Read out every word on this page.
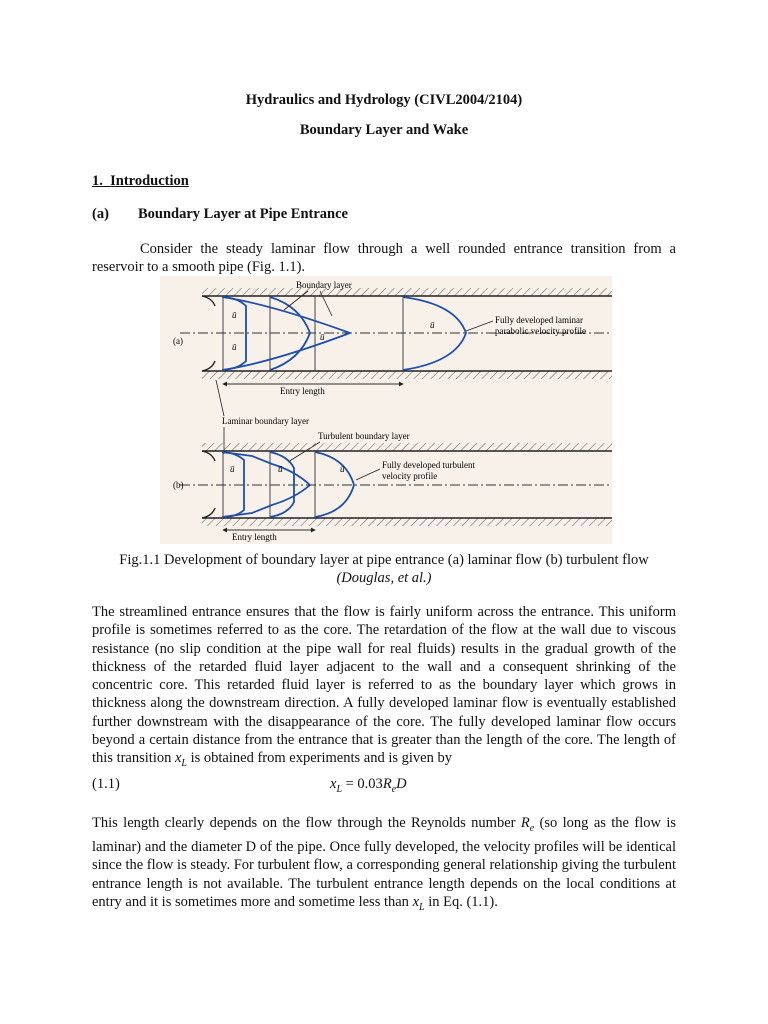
Hydraulics and Hydrology (CIVL2004/2104)
Boundary Layer and Wake
1. Introduction
(a) Boundary Layer at Pipe Entrance
Consider the steady laminar flow through a well rounded entrance transition from a reservoir to a smooth pipe (Fig. 1.1).
ū
ū
ū
ū
Boundary layer
Fully developed laminar
parabolic velocity profile
(a)
Entry length
Laminar boundary layer
Turbulent boundary layer
ū	ū	ū	Fully developed turbulent
velocity profile
(b)
Entry length
Fig.1.1 Development of boundary layer at pipe entrance (a) laminar flow (b) turbulent flow
(Douglas, et al.)
The streamlined entrance ensures that the flow is fairly uniform across the entrance. This uniform profile is sometimes referred to as the core. The retardation of the flow at the wall due to viscous resistance (no slip condition at the pipe wall for real fluids) results in the gradual growth of the thickness of the retarded fluid layer adjacent to the wall and a consequent shrinking of the concentric core. This retarded fluid layer is referred to as the boundary layer which grows in thickness along the downstream direction. A fully developed laminar flow is eventually established further downstream with the disappearance of the core. The fully developed laminar flow occurs beyond a certain distance from the entrance that is greater than the length of the core. The length of this transition $x_L$ is obtained from experiments and is given by
(1.1)	$x_L = 0.03R_eD$
This length clearly depends on the flow through the Reynolds number $R_e$ (so long as the flow is laminar) and the diameter D of the pipe. Once fully developed, the velocity profiles will be identical since the flow is steady. For turbulent flow, a corresponding general relationship giving the turbulent entrance length is not available. The turbulent entrance length depends on the local conditions at entry and it is sometimes more and sometime less than $x_L$ in Eq. (1.1).
